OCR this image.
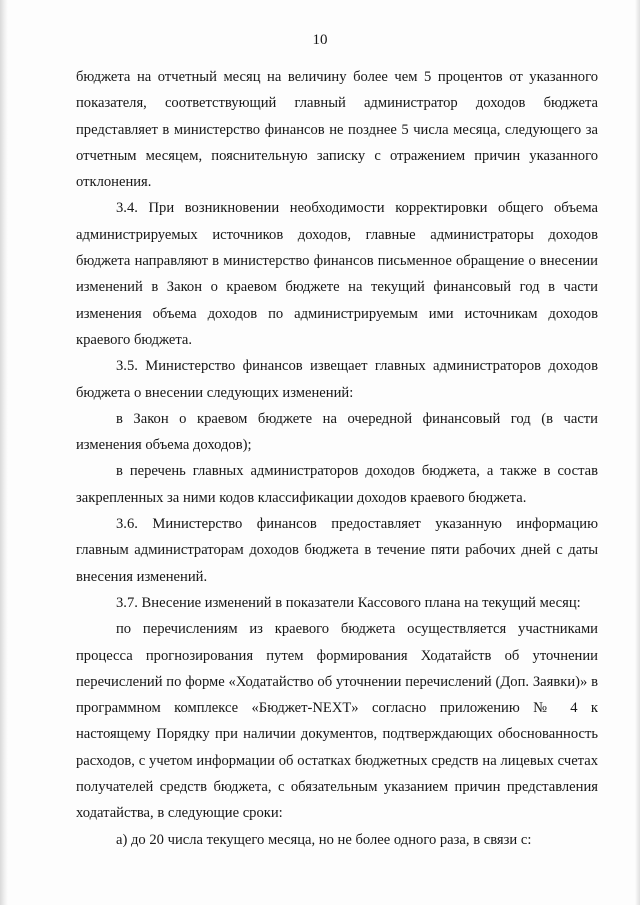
10

бюджета на отчетный месяц на величину более чем 5 процентов от указанного показателя, соответствующий главный администратор доходов бюджета представляет в министерство финансов не позднее 5 числа месяца, следующего за отчетным месяцем, пояснительную записку с отражением причин указанного отклонения.

3.4. При возникновении необходимости корректировки общего объема администрируемых источников доходов, главные администраторы доходов бюджета направляют в министерство финансов письменное обращение о внесении изменений в Закон о краевом бюджете на текущий финансовый год в части изменения объема доходов по администрируемым ими источникам доходов краевого бюджета.

3.5. Министерство финансов извещает главных администраторов доходов бюджета о внесении следующих изменений:

в Закон о краевом бюджете на очередной финансовый год (в части изменения объема доходов);

в перечень главных администраторов доходов бюджета, а также в состав закрепленных за ними кодов классификации доходов краевого бюджета.

3.6. Министерство финансов предоставляет указанную информацию главным администраторам доходов бюджета в течение пяти рабочих дней с даты внесения изменений.

3.7. Внесение изменений в показатели Кассового плана на текущий месяц:

по перечислениям из краевого бюджета осуществляется участниками процесса прогнозирования путем формирования Ходатайств об уточнении перечислений по форме «Ходатайство об уточнении перечислений (Доп. Заявки)» в программном комплексе «Бюджет-NEXT» согласно приложению № 4 к настоящему Порядку при наличии документов, подтверждающих обоснованность расходов, с учетом информации об остатках бюджетных средств на лицевых счетах получателей средств бюджета, с обязательным указанием причин представления ходатайства, в следующие сроки:

а) до 20 числа текущего месяца, но не более одного раза, в связи с:
